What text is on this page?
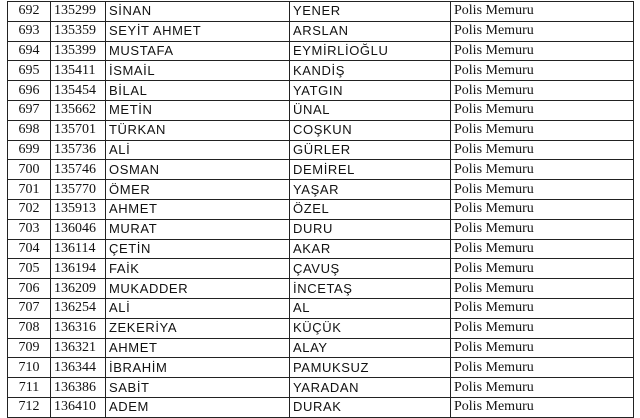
692	135299	SİNAN	YENER	Polis Memuru
693	135359	SEYİT AHMET	ARSLAN	Polis Memuru
694	135399	MUSTAFA	EYMİRLİOĞLU	Polis Memuru
695	135411	İSMAİL	KANDİŞ	Polis Memuru
696	135454	BİLAL	YATGIN	Polis Memuru
697	135662	METİN	ÜNAL	Polis Memuru
698	135701	TÜRKAN	COŞKUN	Polis Memuru
699	135736	ALİ	GÜRLER	Polis Memuru
700	135746	OSMAN	DEMİREL	Polis Memuru
701	135770	ÖMER	YAŞAR	Polis Memuru
702	135913	AHMET	ÖZEL	Polis Memuru
703	136046	MURAT	DURU	Polis Memuru
704	136114	ÇETİN	AKAR	Polis Memuru
705	136194	FAİK	ÇAVUŞ	Polis Memuru
706	136209	MUKADDER	İNCETAŞ	Polis Memuru
707	136254	ALİ	AL	Polis Memuru
708	136316	ZEKERİYA	KÜÇÜK	Polis Memuru
709	136321	AHMET	ALAY	Polis Memuru
710	136344	İBRAHİM	PAMUKSUZ	Polis Memuru
711	136386	SABİT	YARADAN	Polis Memuru
712	136410	ADEM	DURAK	Polis Memuru
